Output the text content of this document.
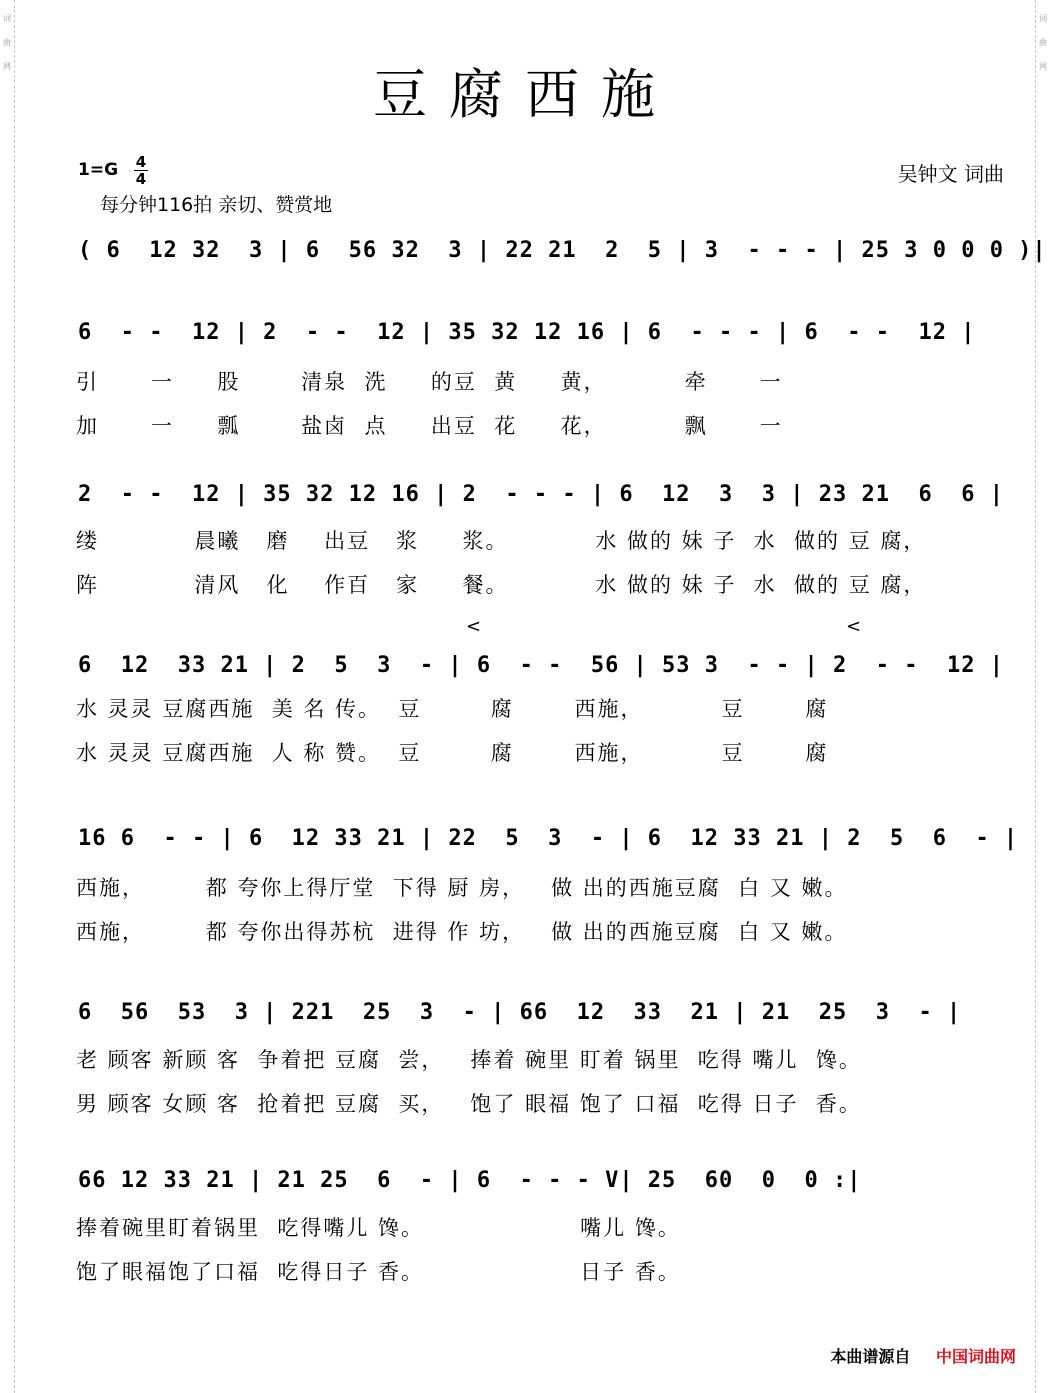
词
曲
网
词
曲
网
豆腐西施
1=G 4
4
每分钟116拍 亲切、赞赏地
吴钟文 词曲
( 6  12 32  3 | 6  56 32  3 | 22 21  2  5 | 3  - - - | 25 3 0 0 0 )|
6  - -  12 | 2  - -  12 | 35 32 12 16 | 6  - - - | 6  - -  12 |
引      一     股       清泉  洗     的豆  黄     黄，         牵      一
加      一     瓢       盐卤  点     出豆  花     花，         飘      一
2  - -  12 | 35 32 12 16 | 2  - - - | 6  12  3  3 | 23 21  6  6 |
缕           晨曦   磨    出豆   浆     浆。          水 做的 妹 子  水  做的 豆 腐，
阵           清风   化    作百   家     餐。          水 做的 妹 子  水  做的 豆 腐，
<	<
6  12  33 21 | 2  5  3  - | 6  - -  56 | 53 3  - - | 2  - -  12 |
水 灵灵 豆腐西施  美 名 传。  豆        腐       西施，         豆       腐
水 灵灵 豆腐西施  人 称 赞。  豆        腐       西施，         豆       腐
16 6  - - | 6  12 33 21 | 22  5  3  - | 6  12 33 21 | 2  5  6  - |
西施，       都 夸你上得厅堂  下得 厨 房，   做 出的西施豆腐  白 又 嫩。
西施，       都 夸你出得苏杭  进得 作 坊，   做 出的西施豆腐  白 又 嫩。
6  56  53  3 | 221  25  3  - | 66  12  33  21 | 21  25  3  - |
老 顾客 新顾 客  争着把 豆腐  尝，   捧着 碗里 盯着 锅里  吃得 嘴儿  馋。
男 顾客 女顾 客  抢着把 豆腐  买，   饱了 眼福 饱了 口福  吃得 日子  香。
66 12 33 21 | 21 25  6  - | 6  - - - V| 25  60  0  0 :|
捧着碗里盯着锅里  吃得嘴儿 馋。                  嘴儿 馋。
饱了眼福饱了口福  吃得日子 香。                  日子 香。
本曲谱源自 中国词曲网
